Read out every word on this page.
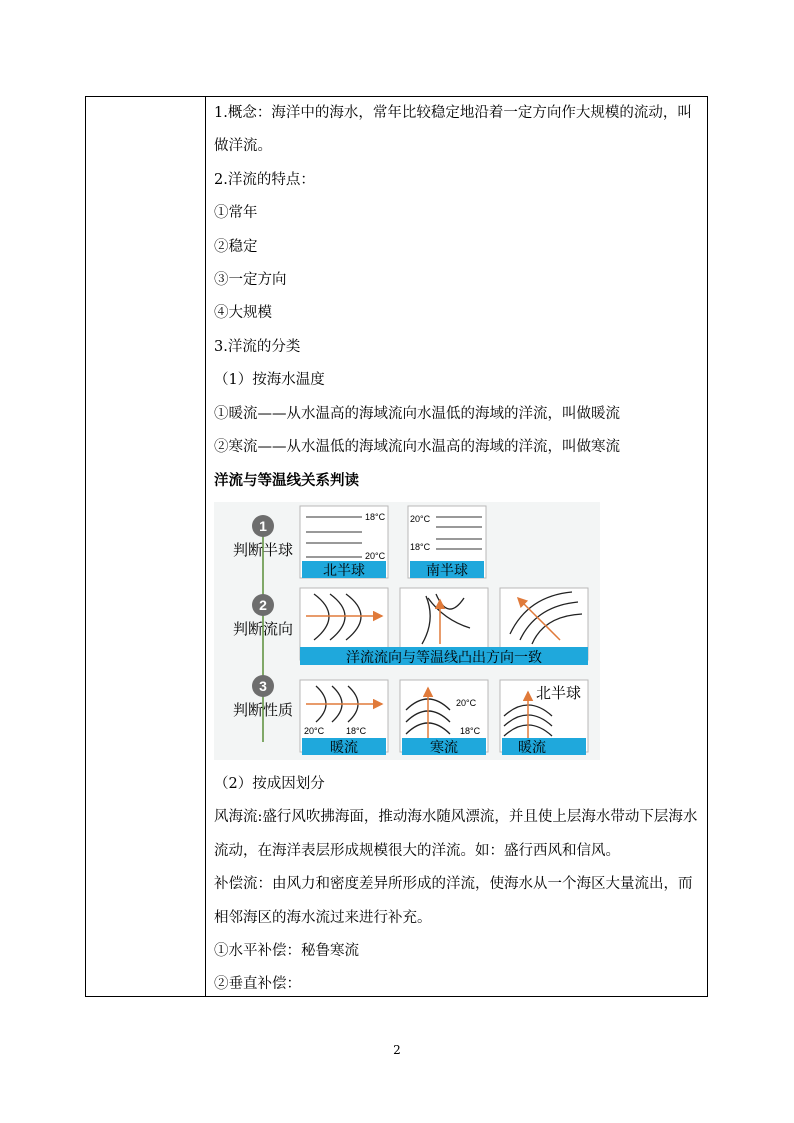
1.概念：海洋中的海水，常年比较稳定地沿着一定方向作大规模的流动，叫做洋流。
2.洋流的特点：
①常年
②稳定
③一定方向
④大规模
3.洋流的分类
（1）按海水温度
①暖流——从水温高的海域流向水温低的海域的洋流，叫做暖流
②寒流——从水温低的海域流向水温高的海域的洋流，叫做寒流
洋流与等温线关系判读
1
判断半球
2
判断流向
3
判断性质
18°C
20°C
北半球
20°C
18°C
南半球
洋流流向与等温线凸出方向一致
20°C 18°C
暖流
20°C
18°C
寒流
北半球
暖流
（2）按成因划分
风海流:盛行风吹拂海面，推动海水随风漂流，并且使上层海水带动下层海水流动，在海洋表层形成规模很大的洋流。如：盛行西风和信风。
补偿流：由风力和密度差异所形成的洋流，使海水从一个海区大量流出，而相邻海区的海水流过来进行补充。
①水平补偿：秘鲁寒流
②垂直补偿：
2
